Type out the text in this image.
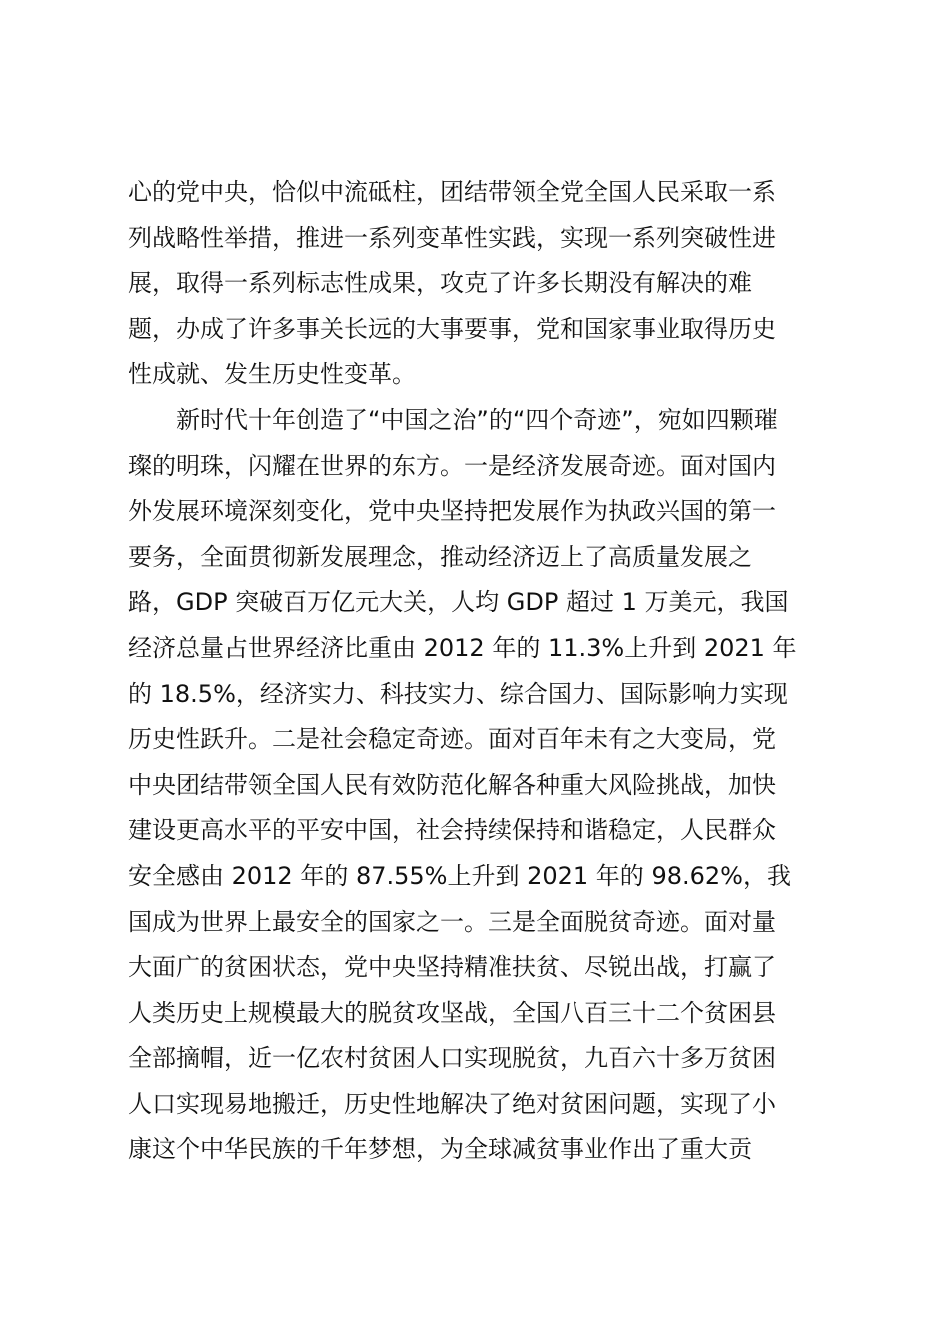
心的党中央，恰似中流砥柱，团结带领全党全国人民采取一系
列战略性举措，推进一系列变革性实践，实现一系列突破性进
展，取得一系列标志性成果，攻克了许多长期没有解决的难
题，办成了许多事关长远的大事要事，党和国家事业取得历史
性成就、发生历史性变革。
新时代十年创造了“中国之治”的“四个奇迹”，宛如四颗璀
璨的明珠，闪耀在世界的东方。一是经济发展奇迹。面对国内
外发展环境深刻变化，党中央坚持把发展作为执政兴国的第一
要务，全面贯彻新发展理念，推动经济迈上了高质量发展之
路，GDP 突破百万亿元大关，人均 GDP 超过 1 万美元，我国
经济总量占世界经济比重由 2012 年的 11.3%上升到 2021 年
的 18.5%，经济实力、科技实力、综合国力、国际影响力实现
历史性跃升。二是社会稳定奇迹。面对百年未有之大变局，党
中央团结带领全国人民有效防范化解各种重大风险挑战，加快
建设更高水平的平安中国，社会持续保持和谐稳定，人民群众
安全感由 2012 年的 87.55%上升到 2021 年的 98.62%，我
国成为世界上最安全的国家之一。三是全面脱贫奇迹。面对量
大面广的贫困状态，党中央坚持精准扶贫、尽锐出战，打赢了
人类历史上规模最大的脱贫攻坚战，全国八百三十二个贫困县
全部摘帽，近一亿农村贫困人口实现脱贫，九百六十多万贫困
人口实现易地搬迁，历史性地解决了绝对贫困问题，实现了小
康这个中华民族的千年梦想，为全球减贫事业作出了重大贡
